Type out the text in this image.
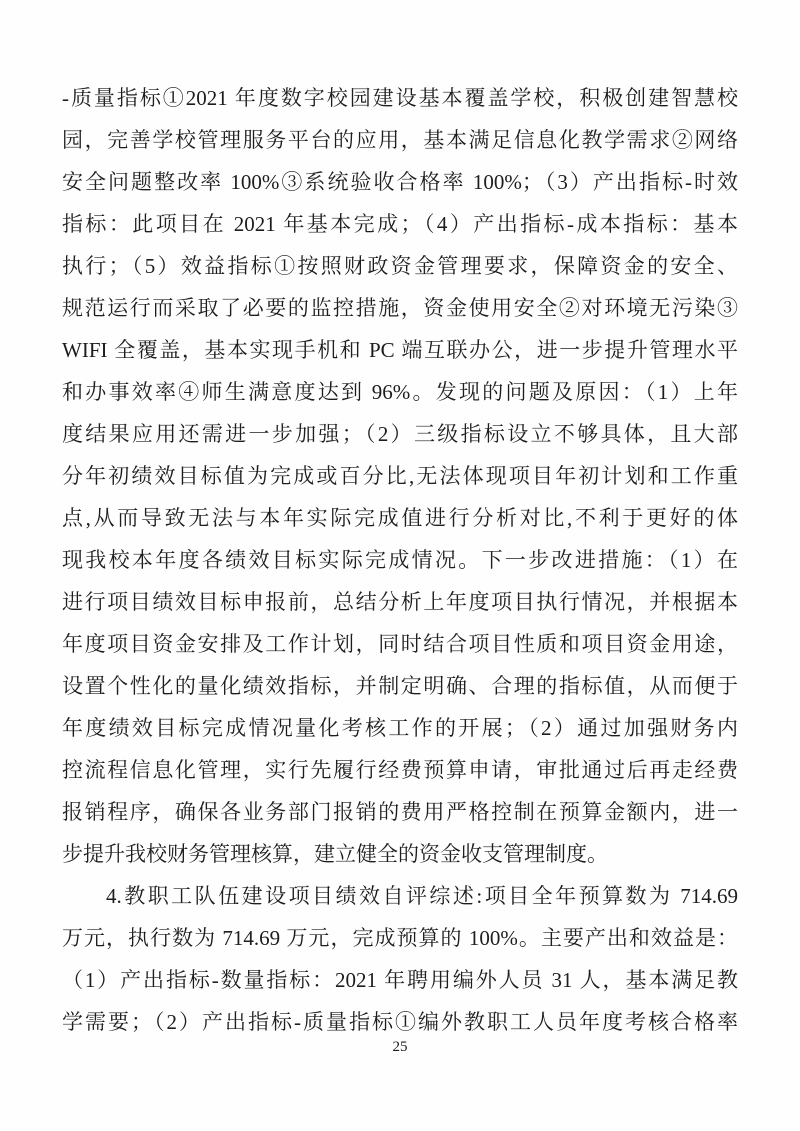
-质量指标①2021 年度数字校园建设基本覆盖学校，积极创建智慧校
园，完善学校管理服务平台的应用，基本满足信息化教学需求②网络
安全问题整改率 100%③系统验收合格率 100%；（3）产出指标-时效
指标：此项目在 2021 年基本完成；（4）产出指标-成本指标：基本
执行；（5）效益指标①按照财政资金管理要求，保障资金的安全、
规范运行而采取了必要的监控措施，资金使用安全②对环境无污染③
WIFI 全覆盖，基本实现手机和 PC 端互联办公，进一步提升管理水平
和办事效率④师生满意度达到 96%。发现的问题及原因：（1）上年
度结果应用还需进一步加强；（2）三级指标设立不够具体，且大部
分年初绩效目标值为完成或百分比,无法体现项目年初计划和工作重
点,从而导致无法与本年实际完成值进行分析对比,不利于更好的体
现我校本年度各绩效目标实际完成情况。下一步改进措施：（1）在
进行项目绩效目标申报前，总结分析上年度项目执行情况，并根据本
年度项目资金安排及工作计划，同时结合项目性质和项目资金用途，
设置个性化的量化绩效指标，并制定明确、合理的指标值，从而便于
年度绩效目标完成情况量化考核工作的开展；（2）通过加强财务内
控流程信息化管理，实行先履行经费预算申请，审批通过后再走经费
报销程序，确保各业务部门报销的费用严格控制在预算金额内，进一
步提升我校财务管理核算，建立健全的资金收支管理制度。
4.教职工队伍建设项目绩效自评综述:项目全年预算数为 714.69
万元，执行数为 714.69 万元，完成预算的 100%。主要产出和效益是：
（1）产出指标-数量指标：2021 年聘用编外人员 31 人，基本满足教
学需要；（2）产出指标-质量指标①编外教职工人员年度考核合格率
25
